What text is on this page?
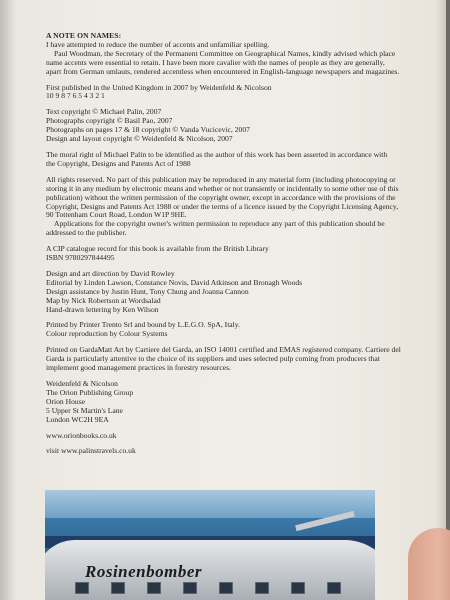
A NOTE ON NAMES:
I have attempted to reduce the number of accents and unfamiliar spelling.
Paul Woodman, the Secretary of the Permanent Committee on Geographical Names, kindly advised which place
name accents were essential to retain. I have been more cavalier with the names of people as they are generally,
apart from German umlauts, rendered accentless when encountered in English-language newspapers and magazines.
First published in the United Kingdom in 2007 by Weidenfeld & Nicolson
10 9 8 7 6 5 4 3 2 1
Text copyright © Michael Palin, 2007
Photographs copyright © Basil Pao, 2007
Photographs on pages 17 & 18 copyright © Vanda Vucicevic, 2007
Design and layout copyright © Weidenfeld & Nicolson, 2007
The moral right of Michael Palin to be identified as the author of this work has been asserted in accordance with
the Copyright, Designs and Patents Act of 1988
All rights reserved. No part of this publication may be reproduced in any material form (including photocopying or
storing it in any medium by electronic means and whether or not transiently or incidentally to some other use of this
publication) without the written permission of the copyright owner, except in accordance with the provisions of the
Copyright, Designs and Patents Act 1988 or under the terms of a licence issued by the Copyright Licensing Agency,
90 Tottenham Court Road, London W1P 9HE.
Applications for the copyright owner's written permission to reproduce any part of this publication should be
addressed to the publisher.
A CIP catalogue record for this book is available from the British Library
ISBN 9780297844495
Design and art direction by David Rowley
Editorial by Linden Lawson, Constance Novis, David Atkinson and Bronagh Woods
Design assistance by Justin Hunt, Tony Chung and Joanna Cannon
Map by Nick Robertson at Wordsalad
Hand-drawn lettering by Ken Wilson
Printed by Printer Trento Srl and bound by L.E.G.O. SpA, Italy.
Colour reproduction by Colour Systems
Printed on GardaMatt Art by Cartiere del Garda, an ISO 14001 certified and EMAS registered company. Cartiere del
Garda is particularly attentive to the choice of its suppliers and uses selected pulp coming from producers that
implement good management practices in forestry resources.
Weidenfeld & Nicolson
The Orion Publishing Group
Orion House
5 Upper St Martin's Lane
London WC2H 9EA
www.orionbooks.co.uk
visit www.palinstravels.co.uk
Rosinenbomber
